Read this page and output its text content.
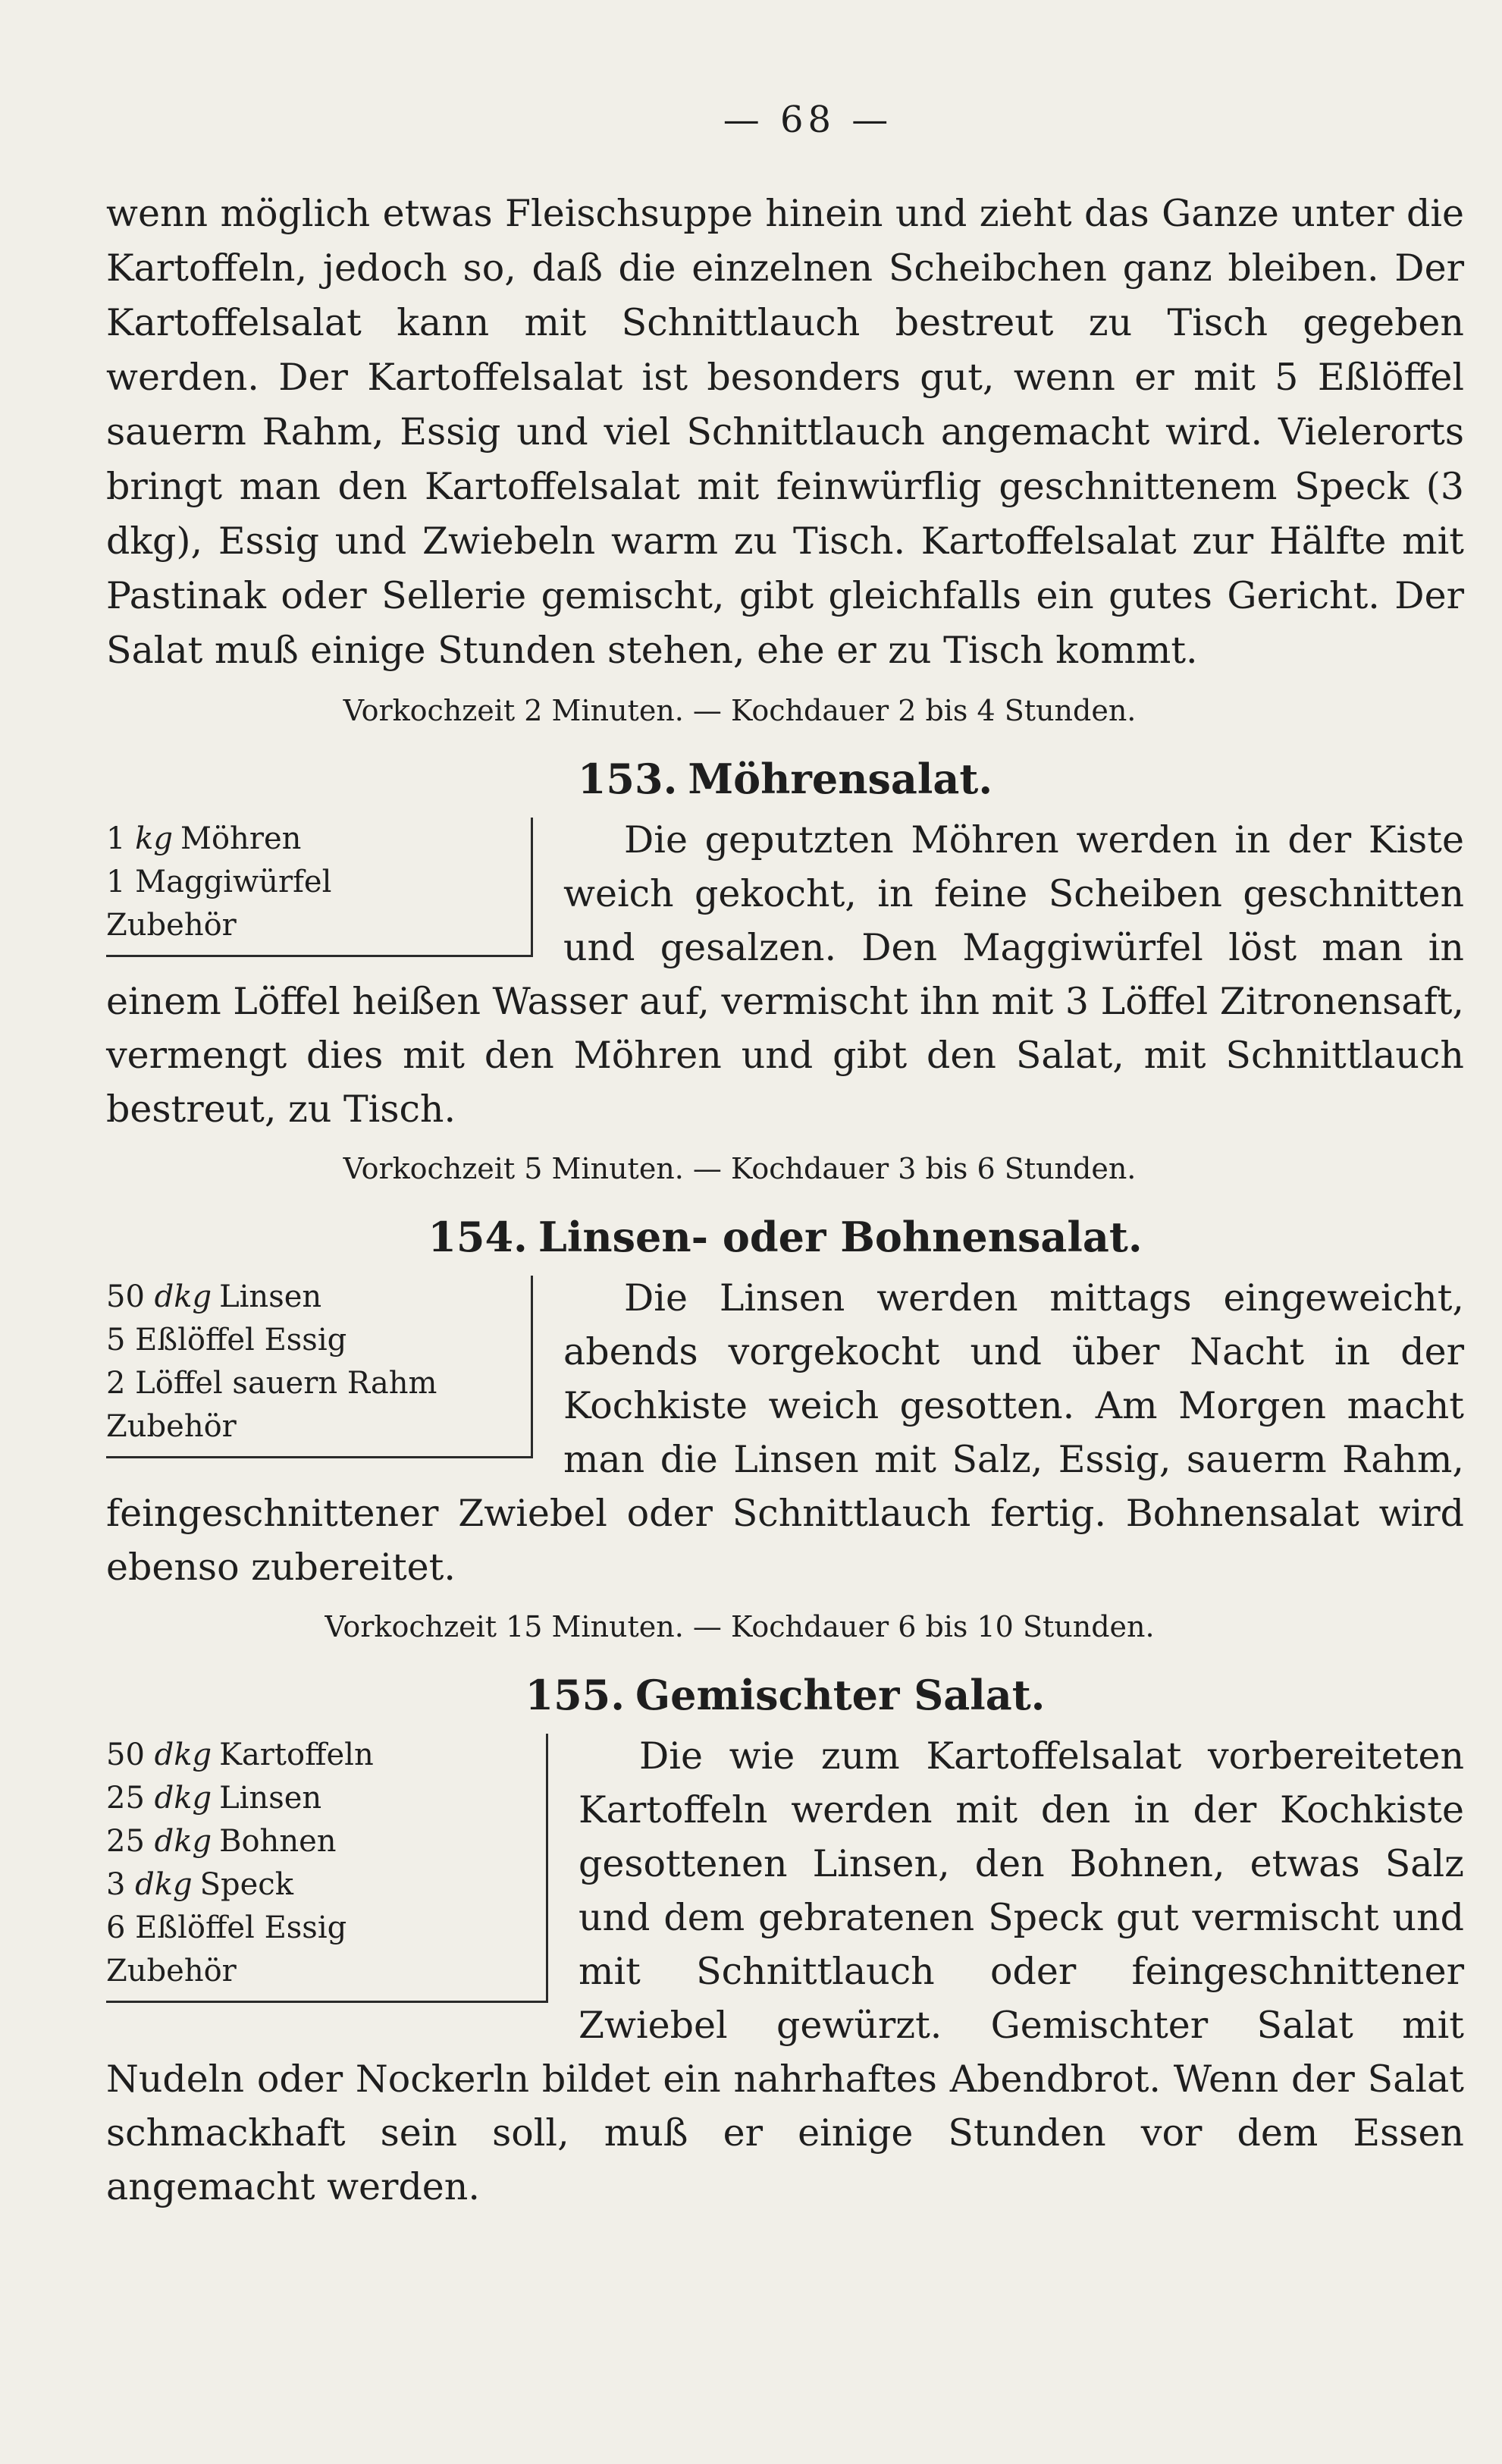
— 68 —

wenn möglich etwas Fleischsuppe hinein und zieht das Ganze unter die Kartoffeln, jedoch so, daß die einzelnen Scheibchen ganz bleiben. Der Kartoffelsalat kann mit Schnittlauch bestreut zu Tisch gegeben werden. Der Kartoffelsalat ist besonders gut, wenn er mit 5 Eßlöffel sauerm Rahm, Essig und viel Schnittlauch angemacht wird. Vielerorts bringt man den Kartoffelsalat mit feinwürflig geschnittenem Speck (3 dkg), Essig und Zwiebeln warm zu Tisch. Kartoffelsalat zur Hälfte mit Pastinak oder Sellerie gemischt, gibt gleichfalls ein gutes Gericht. Der Salat muß einige Stunden stehen, ehe er zu Tisch kommt.

Vorkochzeit 2 Minuten. — Kochdauer 2 bis 4 Stunden.
153. Möhrensalat.
1 kg Möhren
1 Maggiwürfel
Zubehör

Die geputzten Möhren werden in der Kiste weich gekocht, in feine Scheiben geschnitten und gesalzen. Den Maggiwürfel löst man in einem Löffel heißen Wasser auf, vermischt ihn mit 3 Löffel Zitronensaft, vermengt dies mit den Möhren und gibt den Salat, mit Schnittlauch bestreut, zu Tisch.

Vorkochzeit 5 Minuten. — Kochdauer 3 bis 6 Stunden.
154. Linsen- oder Bohnensalat.
50 dkg Linsen
5 Eßlöffel Essig
2 Löffel sauern Rahm
Zubehör

Die Linsen werden mittags eingeweicht, abends vorgekocht und über Nacht in der Kochkiste weich gesotten. Am Morgen macht man die Linsen mit Salz, Essig, sauerm Rahm, feingeschnittener Zwiebel oder Schnittlauch fertig. Bohnensalat wird ebenso zubereitet.

Vorkochzeit 15 Minuten. — Kochdauer 6 bis 10 Stunden.
155. Gemischter Salat.
50 dkg Kartoffeln
25 dkg Linsen
25 dkg Bohnen
3 dkg Speck
6 Eßlöffel Essig
Zubehör

Die wie zum Kartoffelsalat vorbereiteten Kartoffeln werden mit den in der Kochkiste gesottenen Linsen, den Bohnen, etwas Salz und dem gebratenen Speck gut vermischt und mit Schnittlauch oder feingeschnittener Zwiebel gewürzt. Gemischter Salat mit Nudeln oder Nockerln bildet ein nahrhaftes Abendbrot. Wenn der Salat schmackhaft sein soll, muß er einige Stunden vor dem Essen angemacht werden.
